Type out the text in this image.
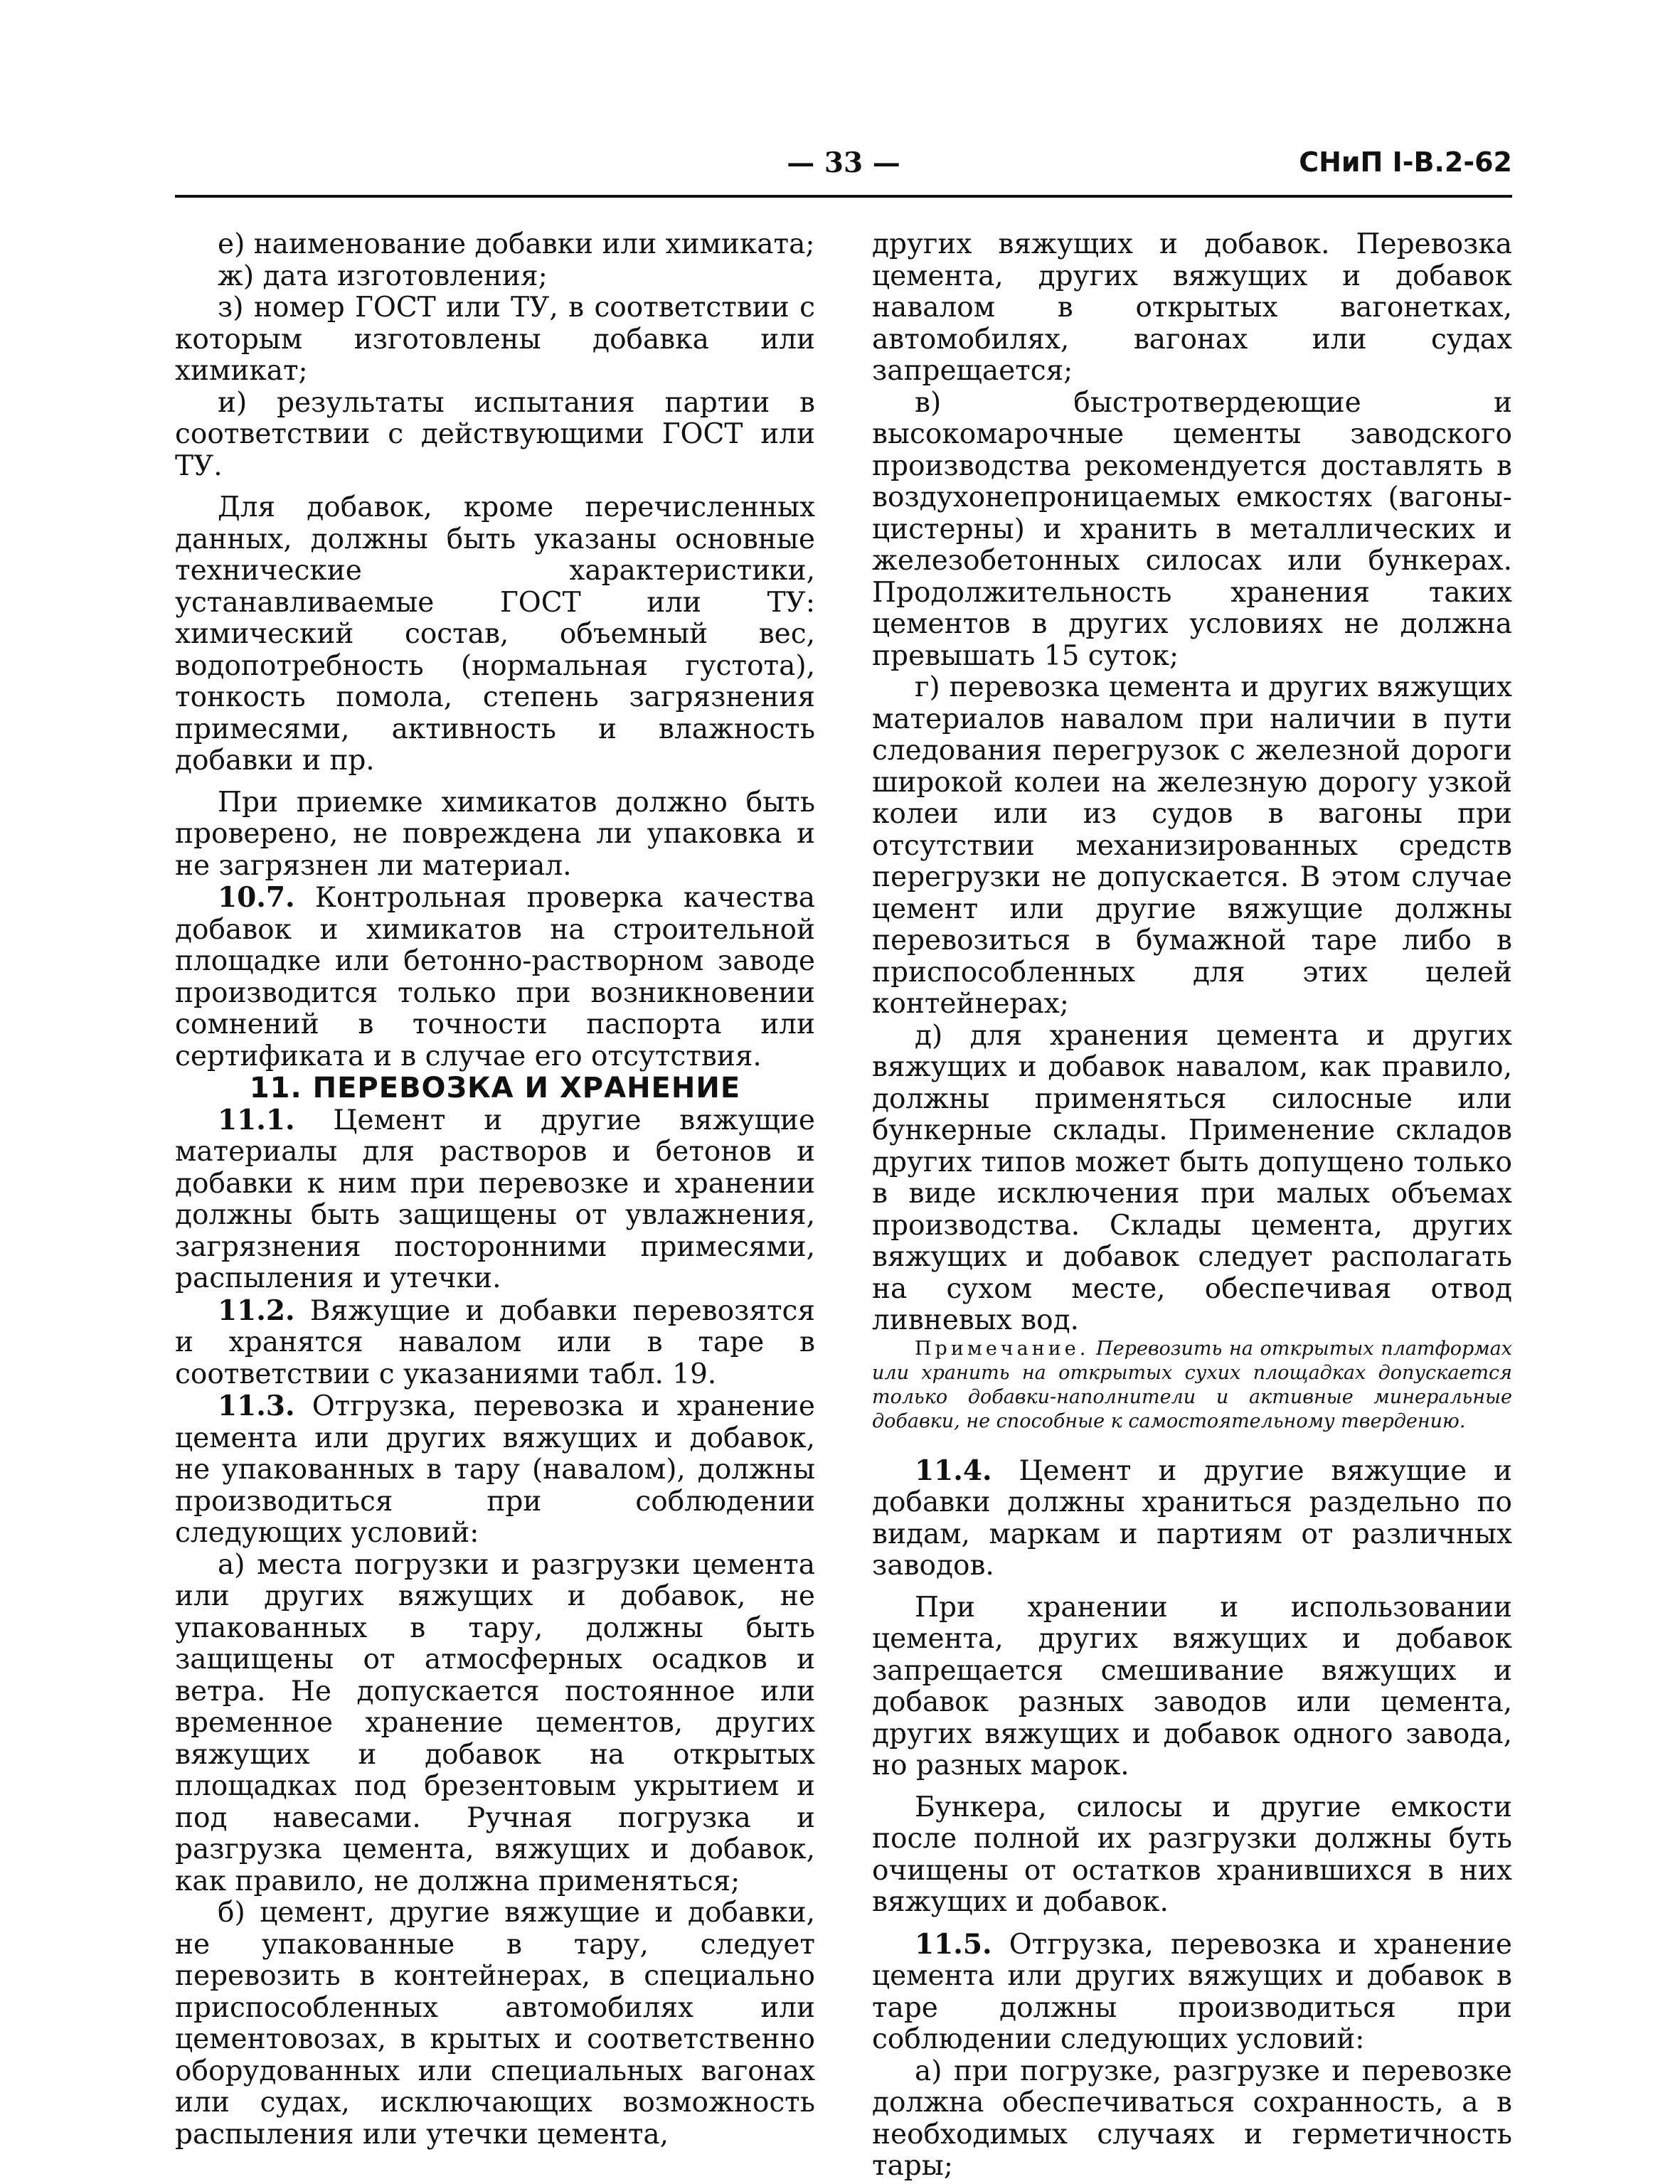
— 33 —	СНиП I-В.2-62

е) наименование добавки или химиката;

ж) дата изготовления;

з) номер ГОСТ или ТУ, в соответствии с которым изготовлены добавка или химикат;

и) результаты испытания партии в соответствии с действующими ГОСТ или ТУ.

Для добавок, кроме перечисленных данных, должны быть указаны основные технические характеристики, устанавливаемые ГОСТ или ТУ: химический состав, объемный вес, водопотребность (нормальная густота), тонкость помола, степень загрязнения примесями, активность и влажность добавки и пр.

При приемке химикатов должно быть проверено, не повреждена ли упаковка и не загрязнен ли материал.

10.7. Контрольная проверка качества добавок и химикатов на строительной площадке или бетонно-растворном заводе производится только при возникновении сомнений в точности паспорта или сертификата и в случае его отсутствия.

11. ПЕРЕВОЗКА И ХРАНЕНИЕ

11.1. Цемент и другие вяжущие материалы для растворов и бетонов и добавки к ним при перевозке и хранении должны быть защищены от увлажнения, загрязнения посторонними примесями, распыления и утечки.

11.2. Вяжущие и добавки перевозятся и хранятся навалом или в таре в соответствии с указаниями табл. 19.

11.3. Отгрузка, перевозка и хранение цемента или других вяжущих и добавок, не упакованных в тару (навалом), должны производиться при соблюдении следующих условий:

а) места погрузки и разгрузки цемента или других вяжущих и добавок, не упакованных в тару, должны быть защищены от атмосферных осадков и ветра. Не допускается постоянное или временное хранение цементов, других вяжущих и добавок на открытых площадках под брезентовым укрытием и под навесами. Ручная погрузка и разгрузка цемента, вяжущих и добавок, как правило, не должна применяться;

б) цемент, другие вяжущие и добавки, не упакованные в тару, следует перевозить в контейнерах, в специально приспособленных автомобилях или цементовозах, в крытых и соответственно оборудованных или специальных вагонах или судах, исключающих возможность распыления или утечки цемента,

других вяжущих и добавок. Перевозка цемента, других вяжущих и добавок навалом в открытых вагонетках, автомобилях, вагонах или судах запрещается;

в) быстротвердеющие и высокомарочные цементы заводского производства рекомендуется доставлять в воздухонепроницаемых емкостях (вагоны-цистерны) и хранить в металлических и железобетонных силосах или бункерах. Продолжительность хранения таких цементов в других условиях не должна превышать 15 суток;

г) перевозка цемента и других вяжущих материалов навалом при наличии в пути следования перегрузок с железной дороги широкой колеи на железную дорогу узкой колеи или из судов в вагоны при отсутствии механизированных средств перегрузки не допускается. В этом случае цемент или другие вяжущие должны перевозиться в бумажной таре либо в приспособленных для этих целей контейнерах;

д) для хранения цемента и других вяжущих и добавок навалом, как правило, должны применяться силосные или бункерные склады. Применение складов других типов может быть допущено только в виде исключения при малых объемах производства. Склады цемента, других вяжущих и добавок следует располагать на сухом месте, обеспечивая отвод ливневых вод.

Примечание. Перевозить на открытых платформах или хранить на открытых сухих площадках допускается только добавки-наполнители и активные минеральные добавки, не способные к самостоятельному твердению.

11.4. Цемент и другие вяжущие и добавки должны храниться раздельно по видам, маркам и партиям от различных заводов.

При хранении и использовании цемента, других вяжущих и добавок запрещается смешивание вяжущих и добавок разных заводов или цемента, других вяжущих и добавок одного завода, но разных марок.

Бункера, силосы и другие емкости после полной их разгрузки должны буть очищены от остатков хранившихся в них вяжущих и добавок.

11.5. Отгрузка, перевозка и хранение цемента или других вяжущих и добавок в таре должны производиться при соблюдении следующих условий:

а) при погрузке, разгрузке и перевозке должна обеспечиваться сохранность, а в необходимых случаях и герметичность тары;
